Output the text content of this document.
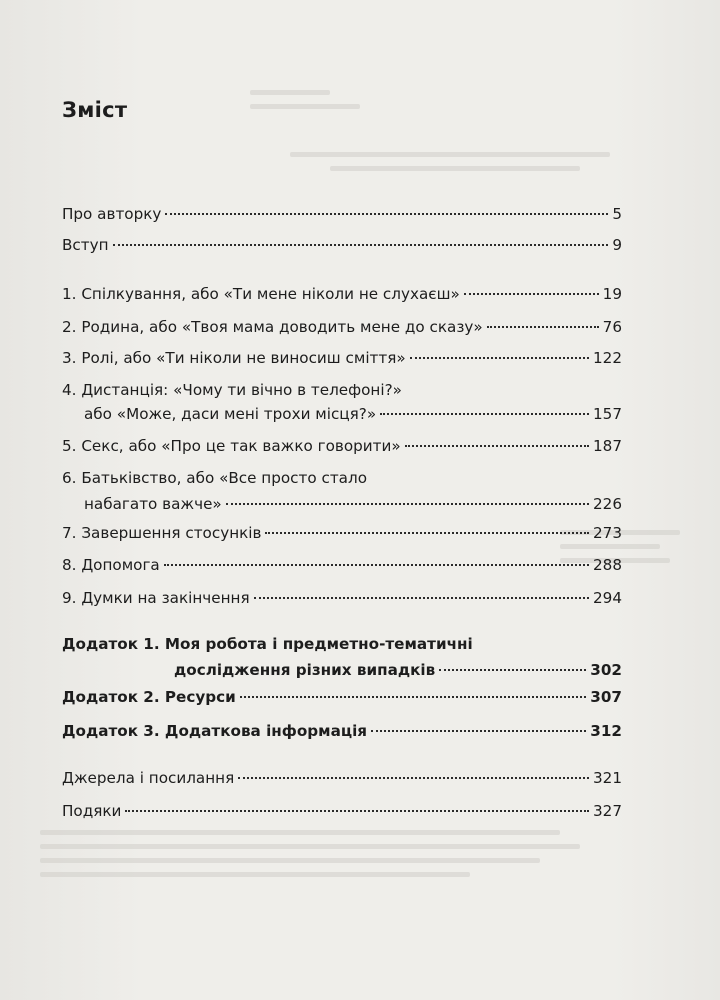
Зміст
Про авторку	5
Вступ	9
1. Спілкування, або «Ти мене ніколи не слухаєш»	19
2. Родина, або «Твоя мама доводить мене до сказу»	76
3. Ролі, або «Ти ніколи не виносиш сміття»	122
4. Дистанція: «Чому ти вічно в телефоні?»
або «Може, даси мені трохи місця?»	157
5. Секс, або «Про це так важко говорити»	187
6. Батьківство, або «Все просто стало
набагато важче»	226
7. Завершення стосунків	273
8. Допомога	288
9. Думки на закінчення	294
Додаток 1. Моя робота і предметно-тематичні
дослідження різних випадків	302
Додаток 2. Ресурси	307
Додаток 3. Додаткова інформація	312
Джерела і посилання	321
Подяки	327
